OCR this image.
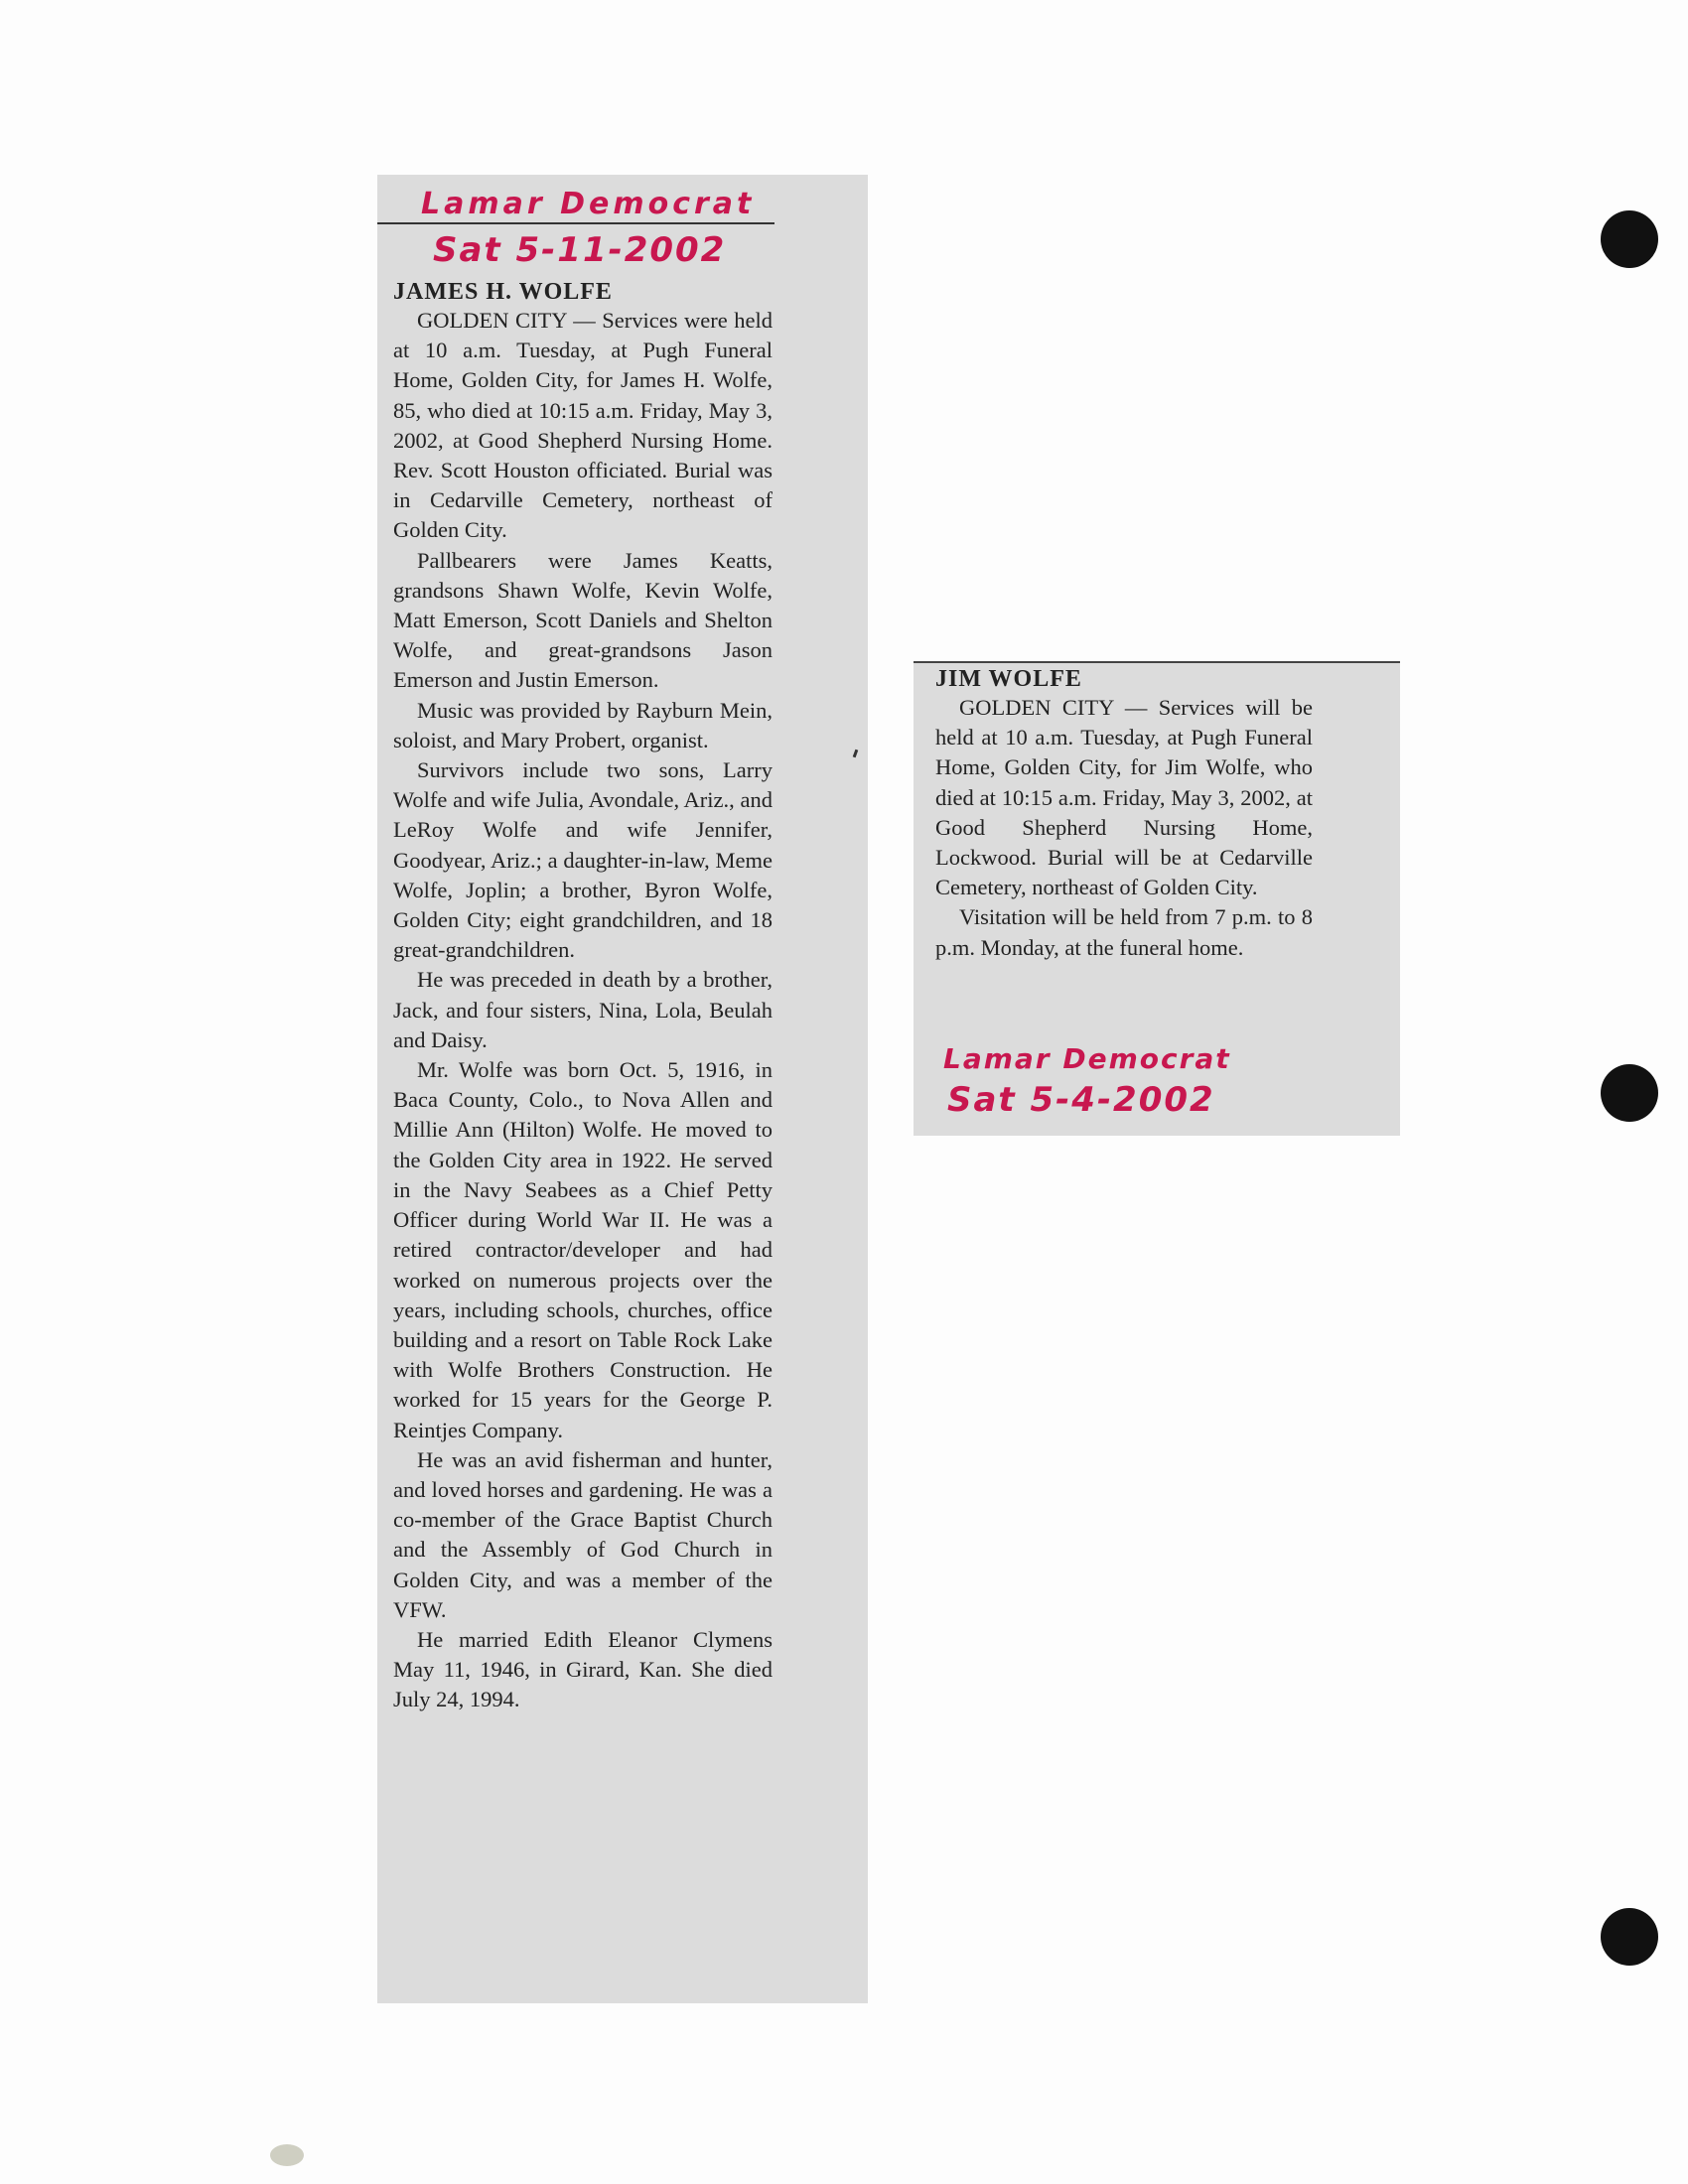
Lamar Democrat
Sat 5-11-2002
JAMES H. WOLFE

GOLDEN CITY — Services were held at 10 a.m. Tuesday, at Pugh Funeral Home, Golden City, for James H. Wolfe, 85, who died at 10:15 a.m. Friday, May 3, 2002, at Good Shepherd Nursing Home. Rev. Scott Houston officiated. Burial was in Cedarville Cemetery, northeast of Golden City.

Pallbearers were James Keatts, grandsons Shawn Wolfe, Kevin Wolfe, Matt Emerson, Scott Daniels and Shelton Wolfe, and great-grandsons Jason Emerson and Justin Emerson.

Music was provided by Rayburn Mein, soloist, and Mary Probert, organist.

Survivors include two sons, Larry Wolfe and wife Julia, Avondale, Ariz., and LeRoy Wolfe and wife Jennifer, Goodyear, Ariz.; a daughter-in-law, Meme Wolfe, Joplin; a brother, Byron Wolfe, Golden City; eight grandchildren, and 18 great-grandchildren.

He was preceded in death by a brother, Jack, and four sisters, Nina, Lola, Beulah and Daisy.

Mr. Wolfe was born Oct. 5, 1916, in Baca County, Colo., to Nova Allen and Millie Ann (Hilton) Wolfe. He moved to the Golden City area in 1922. He served in the Navy Seabees as a Chief Petty Officer during World War II. He was a retired contractor/developer and had worked on numerous projects over the years, including schools, churches, office building and a resort on Table Rock Lake with Wolfe Brothers Construction. He worked for 15 years for the George P. Reintjes Company.

He was an avid fisherman and hunter, and loved horses and gardening. He was a co-member of the Grace Baptist Church and the Assembly of God Church in Golden City, and was a member of the VFW.

He married Edith Eleanor Clymens May 11, 1946, in Girard, Kan. She died July 24, 1994.

JIM WOLFE

GOLDEN CITY — Services will be held at 10 a.m. Tuesday, at Pugh Funeral Home, Golden City, for Jim Wolfe, who died at 10:15 a.m. Friday, May 3, 2002, at Good Shepherd Nursing Home, Lockwood. Burial will be at Cedarville Cemetery, northeast of Golden City.

Visitation will be held from 7 p.m. to 8 p.m. Monday, at the funeral home.

Lamar Democrat
Sat 5-4-2002
